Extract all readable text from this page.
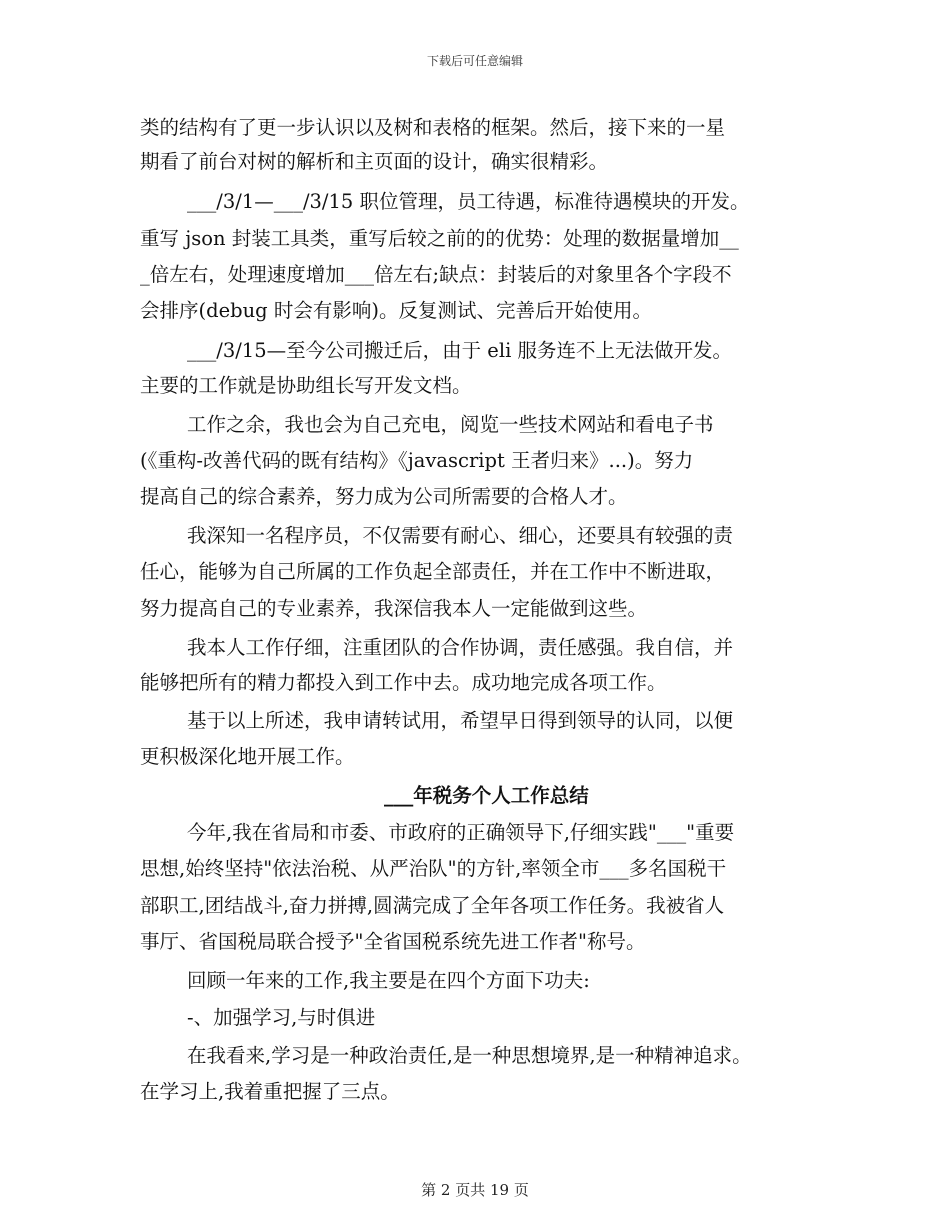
下载后可任意编辑
类的结构有了更一步认识以及树和表格的框架。然后，接下来的一星
期看了前台对树的解析和主页面的设计，确实很精彩。
___/3/1—___/3/15 职位管理，员工待遇，标准待遇模块的开发。
重写 json 封装工具类，重写后较之前的的优势：处理的数据量增加__
_倍左右，处理速度增加___倍左右;缺点：封装后的对象里各个字段不
会排序(debug 时会有影响)。反复测试、完善后开始使用。
___/3/15—至今公司搬迁后，由于 eli 服务连不上无法做开发。
主要的工作就是协助组长写开发文档。
工作之余，我也会为自己充电，阅览一些技术网站和看电子书
(《重构-改善代码的既有结构》《javascript 王者归来》...)。努力
提高自己的综合素养，努力成为公司所需要的合格人才。
我深知一名程序员，不仅需要有耐心、细心，还要具有较强的责
任心，能够为自己所属的工作负起全部责任，并在工作中不断进取，
努力提高自己的专业素养，我深信我本人一定能做到这些。
我本人工作仔细，注重团队的合作协调，责任感强。我自信，并
能够把所有的精力都投入到工作中去。成功地完成各项工作。
基于以上所述，我申请转试用，希望早日得到领导的认同，以便
更积极深化地开展工作。
___年税务个人工作总结
今年,我在省局和市委、市政府的正确领导下,仔细实践"___"重要
思想,始终坚持"依法治税、从严治队"的方针,率领全市___多名国税干
部职工,团结战斗,奋力拼搏,圆满完成了全年各项工作任务。我被省人
事厅、省国税局联合授予"全省国税系统先进工作者"称号。
回顾一年来的工作,我主要是在四个方面下功夫:
-、加强学习,与时俱进
在我看来,学习是一种政治责任,是一种思想境界,是一种精神追求。
在学习上,我着重把握了三点。
第 2 页共 19 页
